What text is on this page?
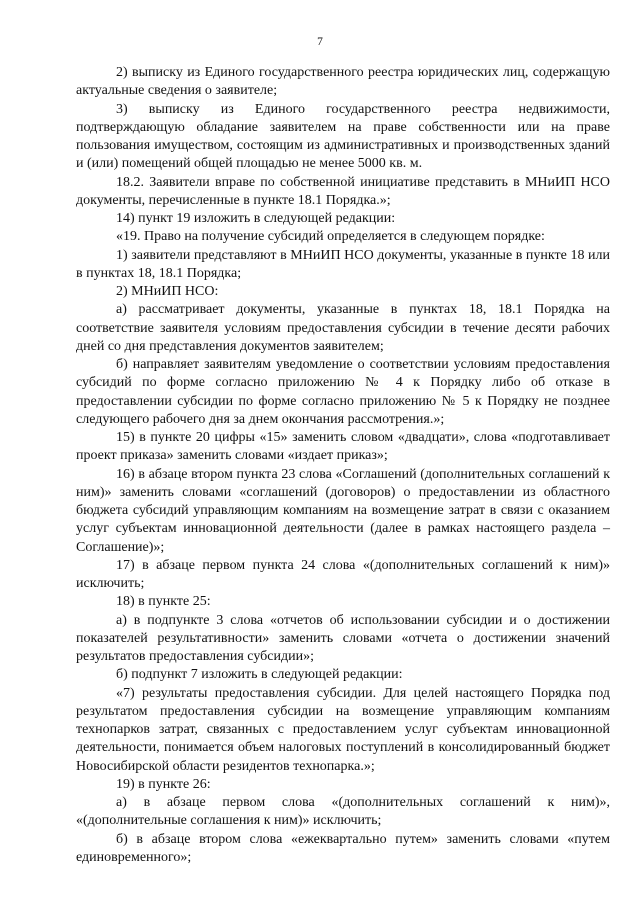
7

2) выписку из Единого государственного реестра юридических лиц, содержащую актуальные сведения о заявителе;

3) выписку из Единого государственного реестра недвижимости, подтверждающую обладание заявителем на праве собственности или на праве пользования имуществом, состоящим из административных и производственных зданий и (или) помещений общей площадью не менее 5000 кв. м.

18.2. Заявители вправе по собственной инициативе представить в МНиИП НСО документы, перечисленные в пункте 18.1 Порядка.»;

14) пункт 19 изложить в следующей редакции:

«19. Право на получение субсидий определяется в следующем порядке:

1) заявители представляют в МНиИП НСО документы, указанные в пункте 18 или в пунктах 18, 18.1 Порядка;

2) МНиИП НСО:

а) рассматривает документы, указанные в пунктах 18, 18.1 Порядка на соответствие заявителя условиям предоставления субсидии в течение десяти рабочих дней со дня представления документов заявителем;

б) направляет заявителям уведомление о соответствии условиям предоставления субсидий по форме согласно приложению № 4 к Порядку либо об отказе в предоставлении субсидии по форме согласно приложению № 5 к Порядку не позднее следующего рабочего дня за днем окончания рассмотрения.»;

15) в пункте 20 цифры «15» заменить словом «двадцати», слова «подготавливает проект приказа» заменить словами «издает приказ»;

16) в абзаце втором пункта 23 слова «Соглашений (дополнительных соглашений к ним)» заменить словами «соглашений (договоров) о предоставлении из областного бюджета субсидий управляющим компаниям на возмещение затрат в связи с оказанием услуг субъектам инновационной деятельности (далее в рамках настоящего раздела – Соглашение)»;

17) в абзаце первом пункта 24 слова «(дополнительных соглашений к ним)» исключить;

18) в пункте 25:

а) в подпункте 3 слова «отчетов об использовании субсидии и о достижении показателей результативности» заменить словами «отчета о достижении значений результатов предоставления субсидии»;

б) подпункт 7 изложить в следующей редакции:

«7) результаты предоставления субсидии. Для целей настоящего Порядка под результатом предоставления субсидии на возмещение управляющим компаниям технопарков затрат, связанных с предоставлением услуг субъектам инновационной деятельности, понимается объем налоговых поступлений в консолидированный бюджет Новосибирской области резидентов технопарка.»;

19) в пункте 26:

а) в абзаце первом слова «(дополнительных соглашений к ним)», «(дополнительные соглашения к ним)» исключить;

б) в абзаце втором слова «ежеквартально путем» заменить словами «путем единовременного»;
